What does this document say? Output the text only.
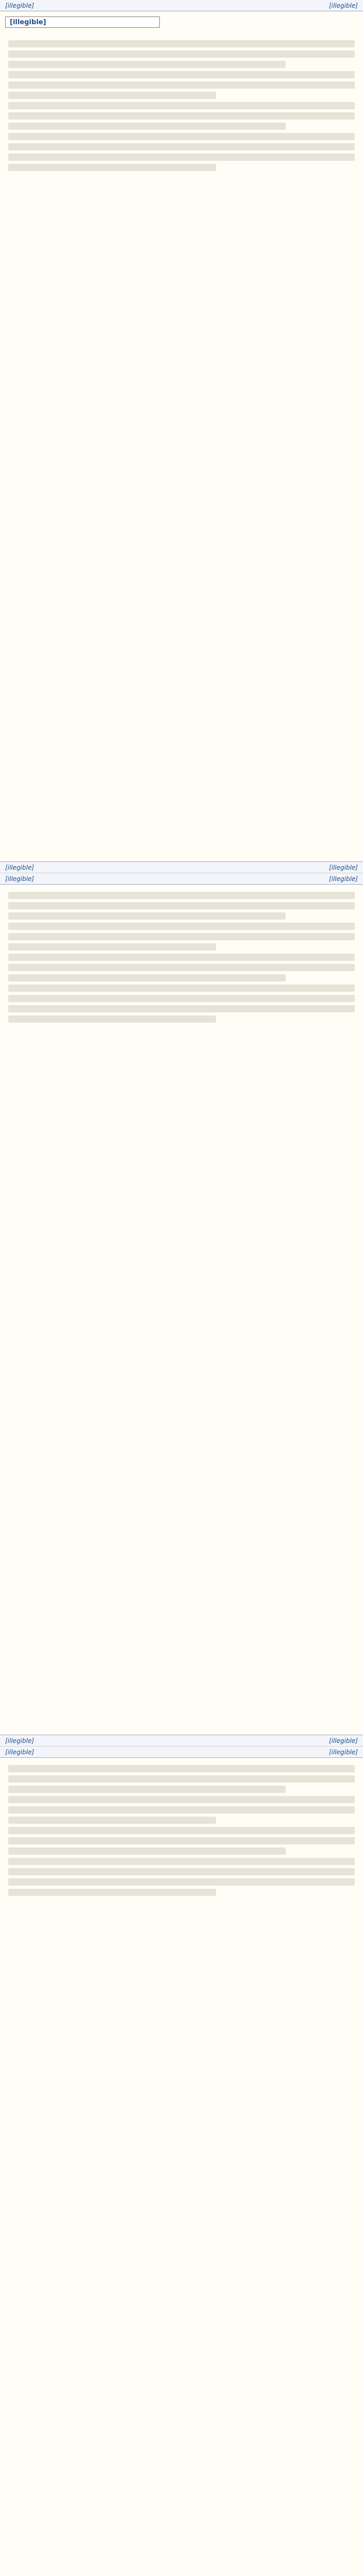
[illegible]	[illegible]
[illegible]
[illegible]	[illegible]
[illegible]	[illegible]
[illegible]	[illegible]
[illegible]	[illegible]
